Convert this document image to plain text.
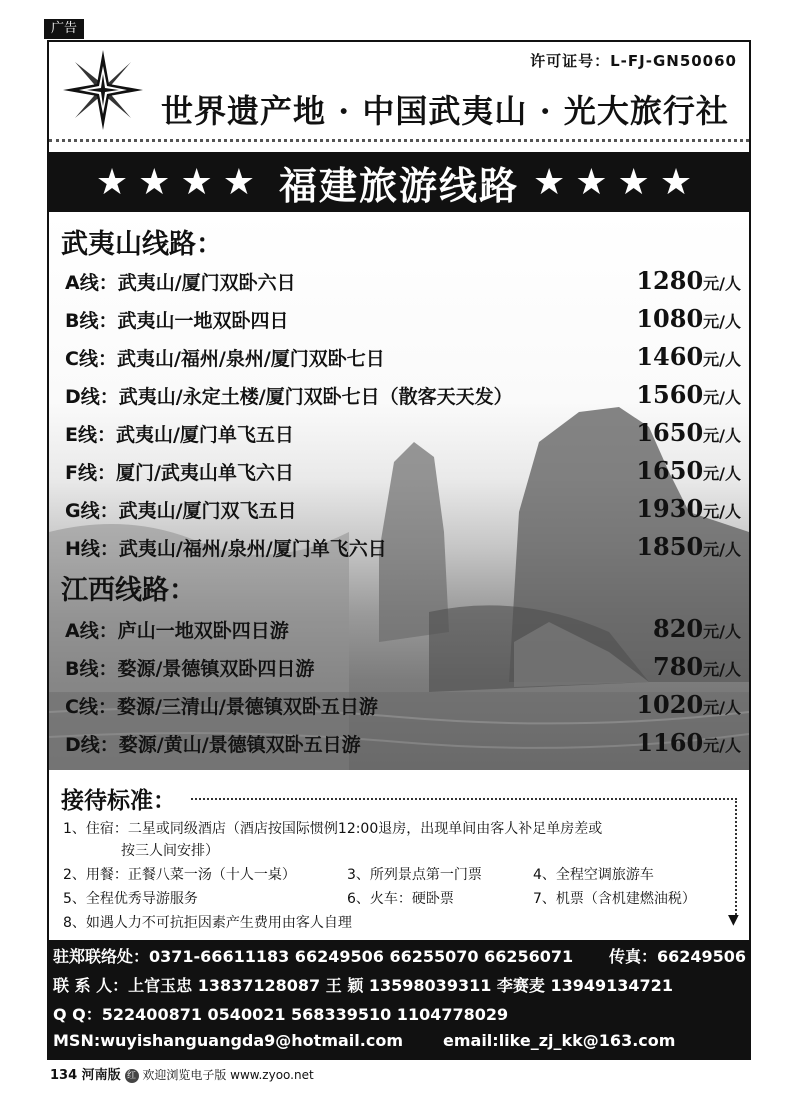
广告
许可证号：L-FJ-GN50060
世界遗产地 · 中国武夷山 · 光大旅行社
★★★★ 福建旅游线路 ★★★★
武夷山线路：
A线：武夷山/厦门双卧六日	1280元/人
B线：武夷山一地双卧四日	1080元/人
C线：武夷山/福州/泉州/厦门双卧七日	1460元/人
D线：武夷山/永定土楼/厦门双卧七日（散客天天发）	1560元/人
E线：武夷山/厦门单飞五日	1650元/人
F线：厦门/武夷山单飞六日	1650元/人
G线：武夷山/厦门双飞五日	1930元/人
H线：武夷山/福州/泉州/厦门单飞六日	1850元/人
江西线路：
A线：庐山一地双卧四日游	820元/人
B线：婺源/景德镇双卧四日游	780元/人
C线：婺源/三清山/景德镇双卧五日游	1020元/人
D线：婺源/黄山/景德镇双卧五日游	1160元/人
接待标准：
▼
1、住宿：二星或同级酒店（酒店按国际惯例12:00退房，出现单间由客人补足单房差或
按三人间安排）
2、用餐：正餐八菜一汤（十人一桌）	3、所列景点第一门票	4、全程空调旅游车
5、全程优秀导游服务	6、火车：硬卧票	7、机票（含机建燃油税）
8、如遇人力不可抗拒因素产生费用由客人自理
驻郑联络处：0371-66611183 66249506 66255070 66256071 传真：66249506
联 系 人：上官玉忠 13837128087 王 颖 13598039311 李赛麦 13949134721
Q Q：522400871 0540021 568339510 1104778029
MSN:wuyishanguangda9@hotmail.com	email:like_zj_kk@163.com
134 河南版 红 欢迎浏览电子版 www.zyoo.net
